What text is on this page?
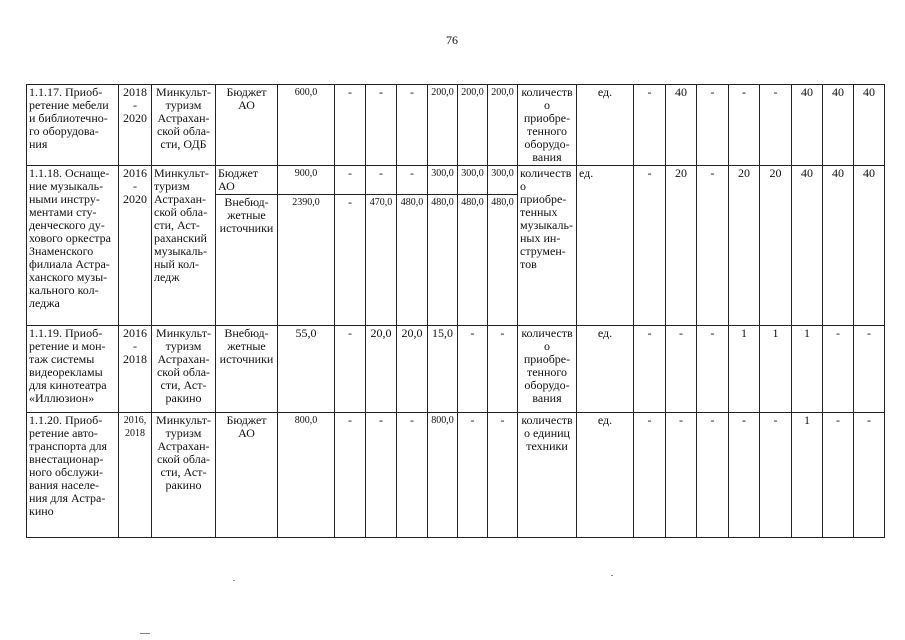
76
1.1.17. Приоб-ретение мебели и библиотечно-го оборудова-ния	2018 - 2020	Минкульт-туризм Астрахан-ской обла-сти, ОДБ	Бюджет АО	600,0	-	-	-	200,0	200,0	200,0	количество приобре-тенного оборудо-вания	ед.	-	40	-	-	-	40	40	40
1.1.18. Оснаще-ние музыкаль-ными инстру-ментами сту-денческого ду-хового оркестра Знаменского филиала Астра-ханского музы-кального кол-леджа	2016 - 2020	Минкульт-туризм Астрахан-ской обла-сти, Аст-раханский музыкаль-ный кол-ледж	Бюджет АО	900,0	-	-	-	300,0	300,0	300,0	количество приобре-тенных музыкаль-ных ин-струмен-тов	ед.	-	20	-	20	20	40	40	40
			Внебюд-жетные источники	2390,0	-	470,0	480,0	480,0	480,0	480,0										
1.1.19. Приоб-ретение и мон-таж системы видеорекламы для кинотеатра «Иллюзион»	2016 - 2018	Минкульт-туризм Астрахан-ской обла-сти, Аст-ракино	Внебюд-жетные источники	55,0	-	20,0	20,0	15,0	-	-	количество приобре-тенного оборудо-вания	ед.	-	-	-	1	1	1	-	-
1.1.20. Приоб-ретение авто-транспорта для внестационар-ного обслужи-вания населе-ния для Астра-кино	2016, 2018	Минкульт-туризм Астрахан-ской обла-сти, Аст-ракино	Бюджет АО	800,0	-	-	-	800,0	-	-	количество единиц техники	ед.	-	-	-	-	-	1	-	-
